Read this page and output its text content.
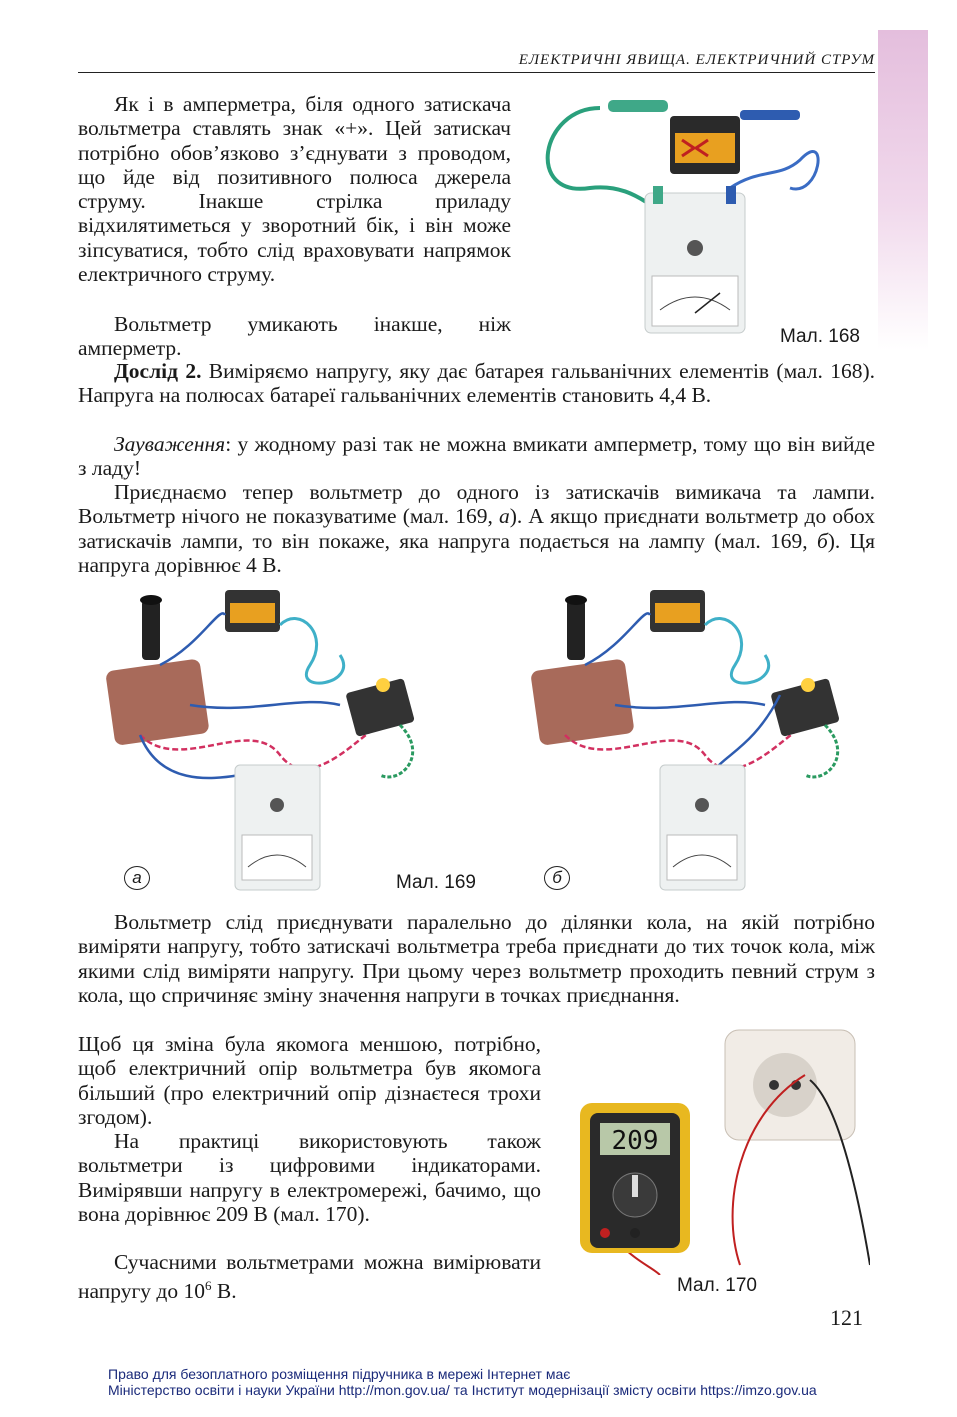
ЕЛЕКТРИЧНІ ЯВИЩА. ЕЛЕКТРИЧНИЙ СТРУМ

Як і в амперметра, біля одного затискача вольтметра ставлять знак «+». Цей затискач потрібно обов’язково з’єднувати з проводом, що йде від позитивного полюса джерела струму. Інакше стрілка приладу відхилятиметься у зворотний бік, і він може зіпсуватися, тобто слід враховувати напрямок електричного струму.

Вольтметр умикають інакше, ніж амперметр.	Мал. 168

Дослід 2. Виміряємо напругу, яку дає батарея гальванічних елементів (мал. 168). Напруга на полюсах батареї гальванічних елементів становить 4,4 В.

Зауваження: у жодному разі так не можна вмикати амперметр, тому що він вийде з ладу!

Приєднаємо тепер вольтметр до одного із затискачів вимикача та лампи. Вольтметр нічого не показуватиме (мал. 169, а). А якщо приєднати вольтметр до обох затискачів лампи, то він покаже, яка напруга подається на лампу (мал. 169, б). Ця напруга дорівнює 4 В.

а	Мал. 169	б

Вольтметр слід приєднувати паралельно до ділянки кола, на якій потрібно виміряти напругу, тобто затискачі вольтметра треба приєднати до тих точок кола, між якими слід виміряти напругу. При цьому через вольтметр проходить певний струм з кола, що спричиняє зміну значення напруги в точках приєднання.

Щоб ця зміна була якомога меншою, потрібно, щоб електричний опір вольтметра був якомога більший (про електричний опір дізнаєтеся трохи згодом).

На практиці використовують також вольтметри із цифровими індикаторами. Вимірявши напругу в електромережі, бачимо, що вона дорівнює 209 В (мал. 170).

Сучасними вольтметрами можна вимірювати напругу до $10^6$ В.

209
Мал. 170
121
Право для безоплатного розміщення підручника в мережі Інтернет має
Міністерство освіти і науки України http://mon.gov.ua/ та Інститут модернізації змісту освіти https://imzo.gov.ua
